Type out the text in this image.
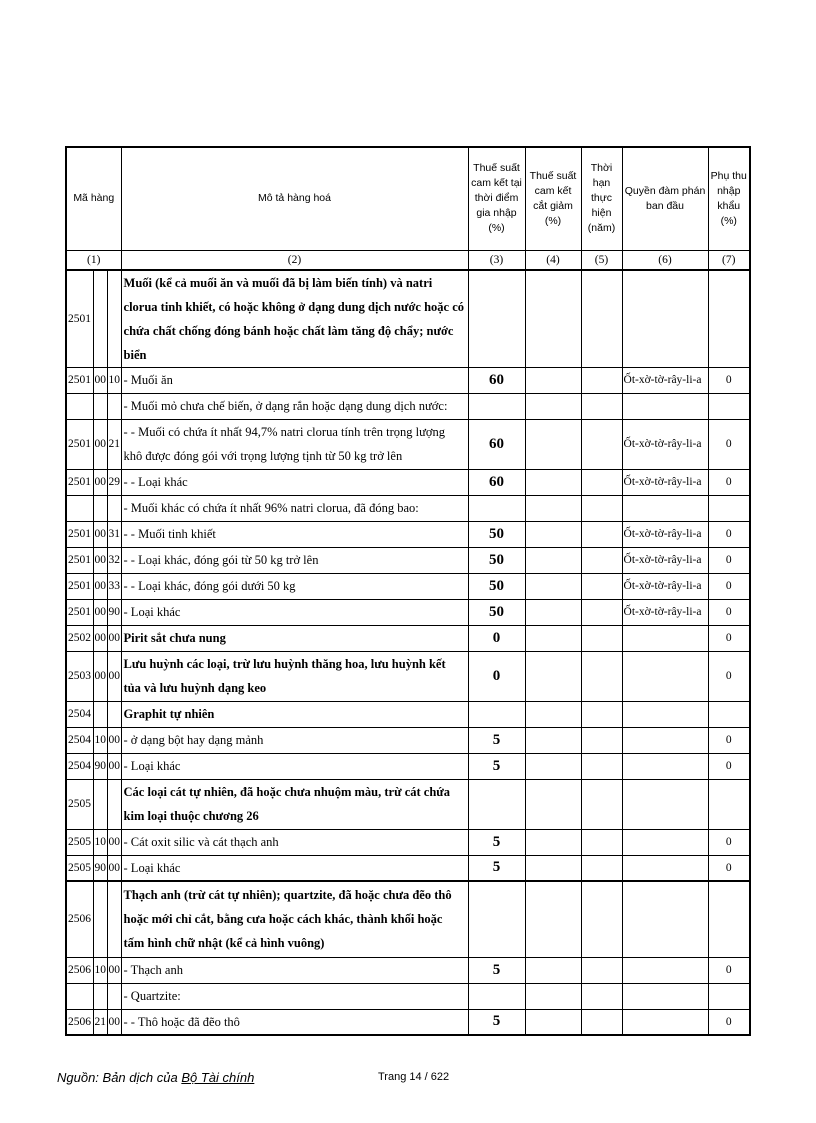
Mã hàng			Mô tả hàng hoá	Thuế suất cam kết tại thời điểm gia nhập (%)	Thuế suất cam kết cắt giảm (%)	Thời hạn thực hiện (năm)	Quyền đàm phán ban đầu	Phụ thu nhập khẩu (%)
(1)			(2)	(3)	(4)	(5)	(6)	(7)
2501			Muối (kể cả muối ăn và muối đã bị làm biến tính) và natri clorua tinh khiết, có hoặc không ở dạng dung dịch nước hoặc có chứa chất chống đóng bánh hoặc chất làm tăng độ chẩy; nước biển					
2501	00	10	- Muối ăn	60			Ốt-xờ-tờ-rây-li-a	0
			- Muối mỏ chưa chế biến, ở dạng rắn hoặc dạng dung dịch nước:					
2501	00	21	- - Muối có chứa ít nhất 94,7% natri clorua tính trên trọng lượng khô được đóng gói với trọng lượng tịnh từ 50 kg trở lên	60			Ốt-xờ-tờ-rây-li-a	0
2501	00	29	- - Loại khác	60			Ốt-xờ-tờ-rây-li-a	0
			- Muối khác có chứa ít nhất 96% natri clorua, đã đóng bao:					
2501	00	31	- - Muối tinh khiết	50			Ốt-xờ-tờ-rây-li-a	0
2501	00	32	- - Loại khác, đóng gói từ 50 kg trở lên	50			Ốt-xờ-tờ-rây-li-a	0
2501	00	33	- - Loại khác, đóng gói dưới 50 kg	50			Ốt-xờ-tờ-rây-li-a	0
2501	00	90	- Loại khác	50			Ốt-xờ-tờ-rây-li-a	0
2502	00	00	Pirit sắt chưa nung	0				0
2503	00	00	Lưu huỳnh các loại, trừ lưu huỳnh thăng hoa, lưu huỳnh kết tủa và lưu huỳnh dạng keo	0				0
2504			Graphit tự nhiên					
2504	10	00	- ở dạng bột hay dạng mảnh	5				0
2504	90	00	- Loại khác	5				0
2505			Các loại cát tự nhiên, đã hoặc chưa nhuộm màu, trừ cát chứa kim loại thuộc chương 26					
2505	10	00	- Cát oxit silic và cát thạch anh	5				0
2505	90	00	- Loại khác	5				0
2506			Thạch anh (trừ cát tự nhiên); quartzite, đã hoặc chưa đẽo thô hoặc mới chỉ cắt, bằng cưa hoặc cách khác, thành khối hoặc tấm hình chữ nhật (kể cả hình vuông)					
2506	10	00	- Thạch anh	5				0
			- Quartzite:					
2506	21	00	- - Thô hoặc đã đẽo thô	5				0
Nguồn: Bản dịch của Bộ Tài chính	Trang 14 / 622
